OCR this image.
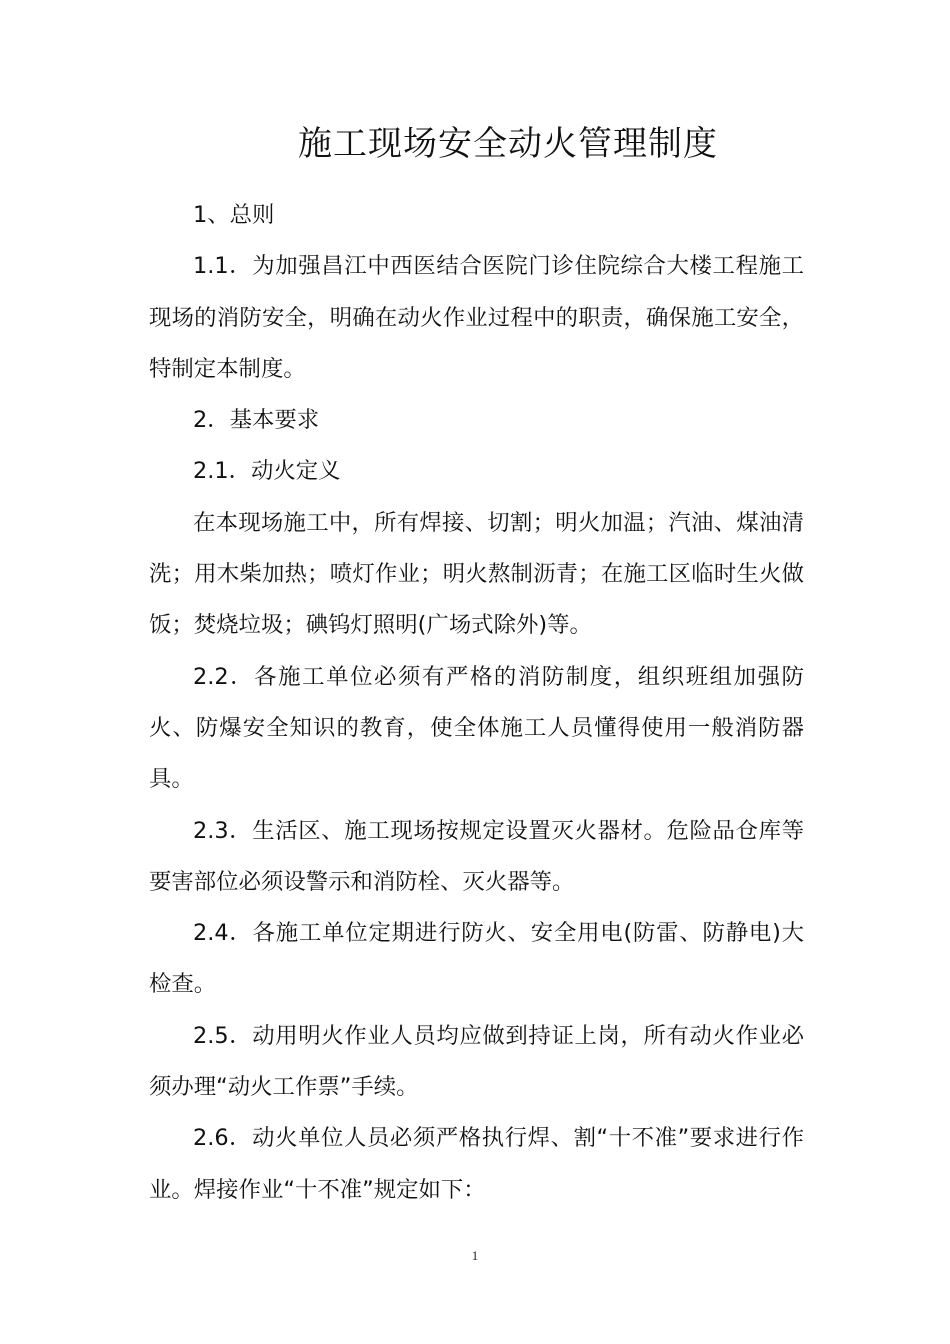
施工现场安全动火管理制度

1、总则

1.1．为加强昌江中西医结合医院门诊住院综合大楼工程施工现场的消防安全，明确在动火作业过程中的职责，确保施工安全，特制定本制度。

2．基本要求

2.1．动火定义

在本现场施工中，所有焊接、切割；明火加温；汽油、煤油清洗；用木柴加热；喷灯作业；明火熬制沥青；在施工区临时生火做饭；焚烧垃圾；碘钨灯照明(广场式除外)等。

2.2．各施工单位必须有严格的消防制度，组织班组加强防火、防爆安全知识的教育，使全体施工人员懂得使用一般消防器具。

2.3．生活区、施工现场按规定设置灭火器材。危险品仓库等要害部位必须设警示和消防栓、灭火器等。

2.4．各施工单位定期进行防火、安全用电(防雷、防静电)大检查。

2.5．动用明火作业人员均应做到持证上岗，所有动火作业必须办理“动火工作票”手续。

2.6．动火单位人员必须严格执行焊、割“十不准”要求进行作业。焊接作业“十不准”规定如下：

1
